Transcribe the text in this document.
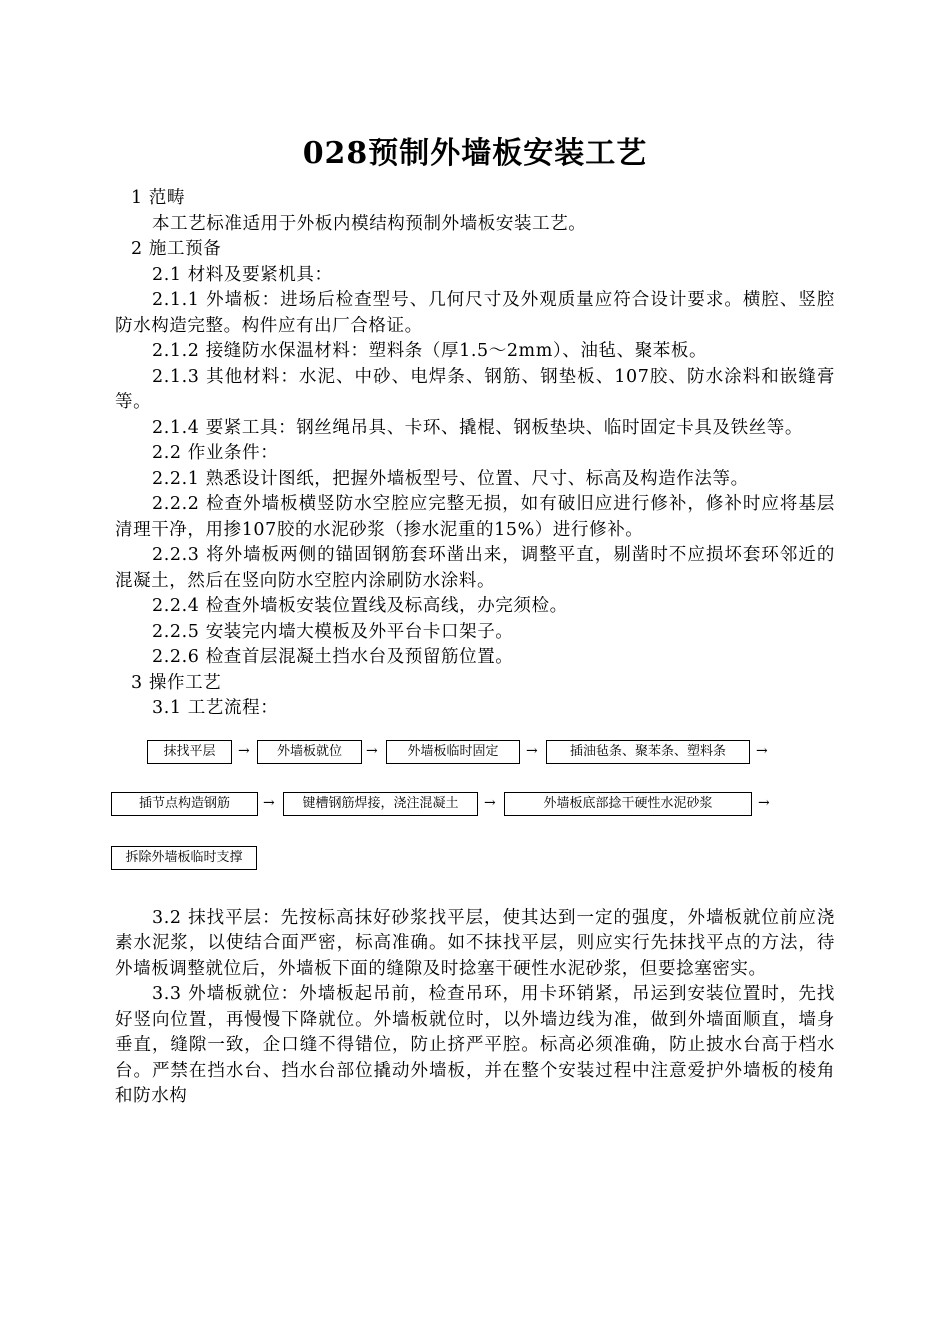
028预制外墙板安装工艺

1 范畴

本工艺标准适用于外板内模结构预制外墙板安装工艺。

2 施工预备

2.1 材料及要紧机具：

2.1.1 外墙板：进场后检查型号、几何尺寸及外观质量应符合设计要求。横腔、竖腔防水构造完整。构件应有出厂合格证。

2.1.2 接缝防水保温材料：塑料条（厚1.5～2mm）、油毡、聚苯板。

2.1.3 其他材料：水泥、中砂、电焊条、钢筋、钢垫板、107胶、防水涂料和嵌缝膏等。

2.1.4 要紧工具：钢丝绳吊具、卡环、撬棍、钢板垫块、临时固定卡具及铁丝等。

2.2 作业条件：

2.2.1 熟悉设计图纸，把握外墙板型号、位置、尺寸、标高及构造作法等。

2.2.2 检查外墙板横竖防水空腔应完整无损，如有破旧应进行修补，修补时应将基层清理干净，用掺107胶的水泥砂浆（掺水泥重的15%）进行修补。

2.2.3 将外墙板两侧的锚固钢筋套环凿出来，调整平直，剔凿时不应损坏套环邻近的混凝土，然后在竖向防水空腔内涂刷防水涂料。

2.2.4 检查外墙板安装位置线及标高线，办完须检。

2.2.5 安装完内墙大模板及外平台卡口架子。

2.2.6 检查首层混凝土挡水台及预留筋位置。

3 操作工艺

3.1 工艺流程：

抹找平层	→	外墙板就位	→	外墙板临时固定	→	插油毡条、聚苯条、塑料条	→
插节点构造钢筋	→	键槽钢筋焊接，浇注混凝土	→	外墙板底部捻干硬性水泥砂浆	→
拆除外墙板临时支撑

3.2 抹找平层：先按标高抹好砂浆找平层，使其达到一定的强度，外墙板就位前应浇素水泥浆，以使结合面严密，标高准确。如不抹找平层，则应实行先抹找平点的方法，待外墙板调整就位后，外墙板下面的缝隙及时捻塞干硬性水泥砂浆，但要捻塞密实。

3.3 外墙板就位：外墙板起吊前，检查吊环，用卡环销紧，吊运到安装位置时，先找好竖向位置，再慢慢下降就位。外墙板就位时，以外墙边线为准，做到外墙面顺直，墙身垂直，缝隙一致，企口缝不得错位，防止挤严平腔。标高必须准确，防止披水台高于档水台。严禁在挡水台、挡水台部位撬动外墙板，并在整个安装过程中注意爱护外墙板的棱角和防水构
